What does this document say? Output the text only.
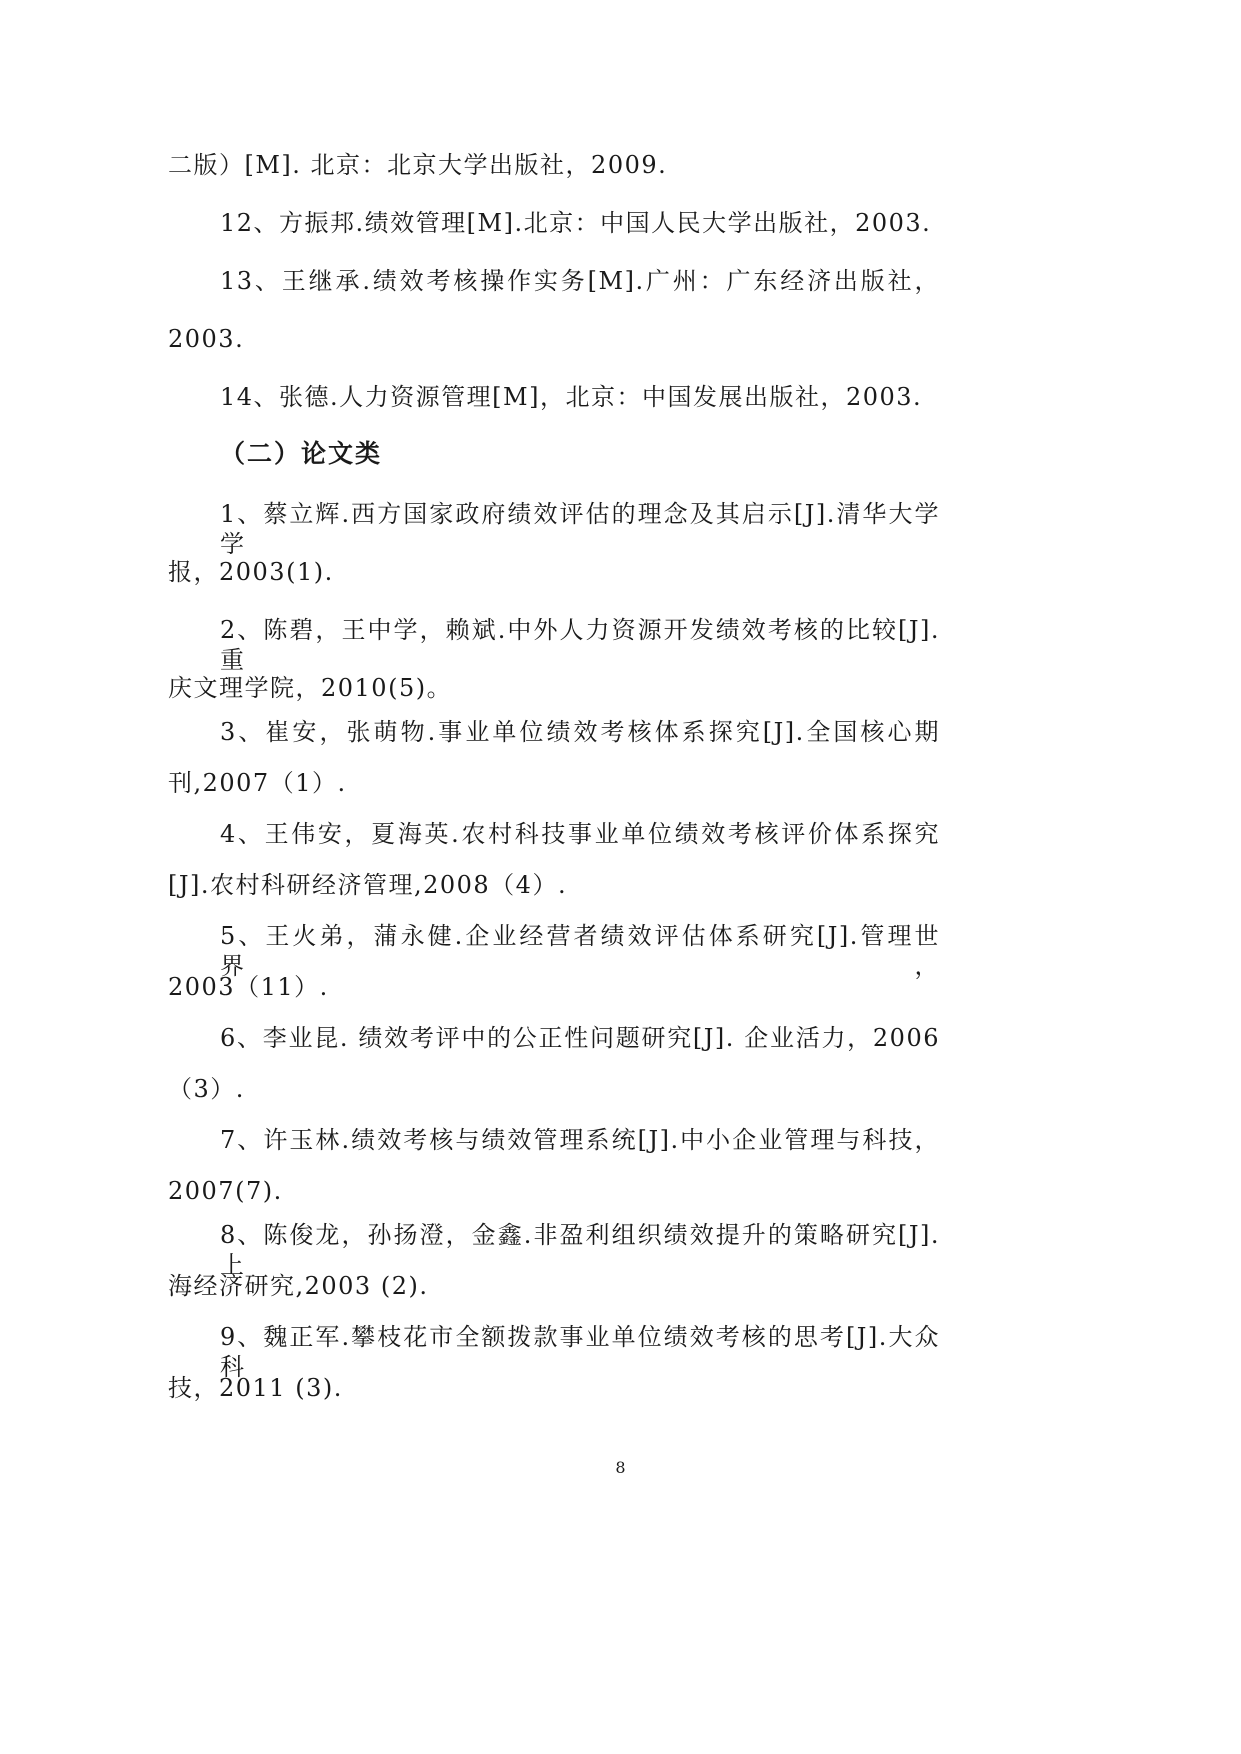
二版）[M]. 北京：北京大学出版社，2009.
12、方振邦.绩效管理[M].北京：中国人民大学出版社，2003.
13、王继承.绩效考核操作实务[M].广州：广东经济出版社，
2003.
14、张德.人力资源管理[M]，北京：中国发展出版社，2003.
（二）论文类
1、蔡立辉.西方国家政府绩效评估的理念及其启示[J].清华大学学
报，2003(1).
2、陈碧，王中学，赖斌.中外人力资源开发绩效考核的比较[J].重
庆文理学院，2010(5)。
3、崔安，张萌物.事业单位绩效考核体系探究[J].全国核心期
刊,2007（1）.
4、王伟安，夏海英.农村科技事业单位绩效考核评价体系探究
[J].农村科研经济管理,2008（4）.
5、王火弟，蒲永健.企业经营者绩效评估体系研究[J].管理世界，
2003（11）.
6、李业昆. 绩效考评中的公正性问题研究[J]. 企业活力，2006
（3）.
7、许玉林.绩效考核与绩效管理系统[J].中小企业管理与科技，
2007(7).
8、陈俊龙，孙扬澄，金鑫.非盈利组织绩效提升的策略研究[J].上
海经济研究,2003 (2).
9、魏正军.攀枝花市全额拨款事业单位绩效考核的思考[J].大众科
技，2011 (3).
8
